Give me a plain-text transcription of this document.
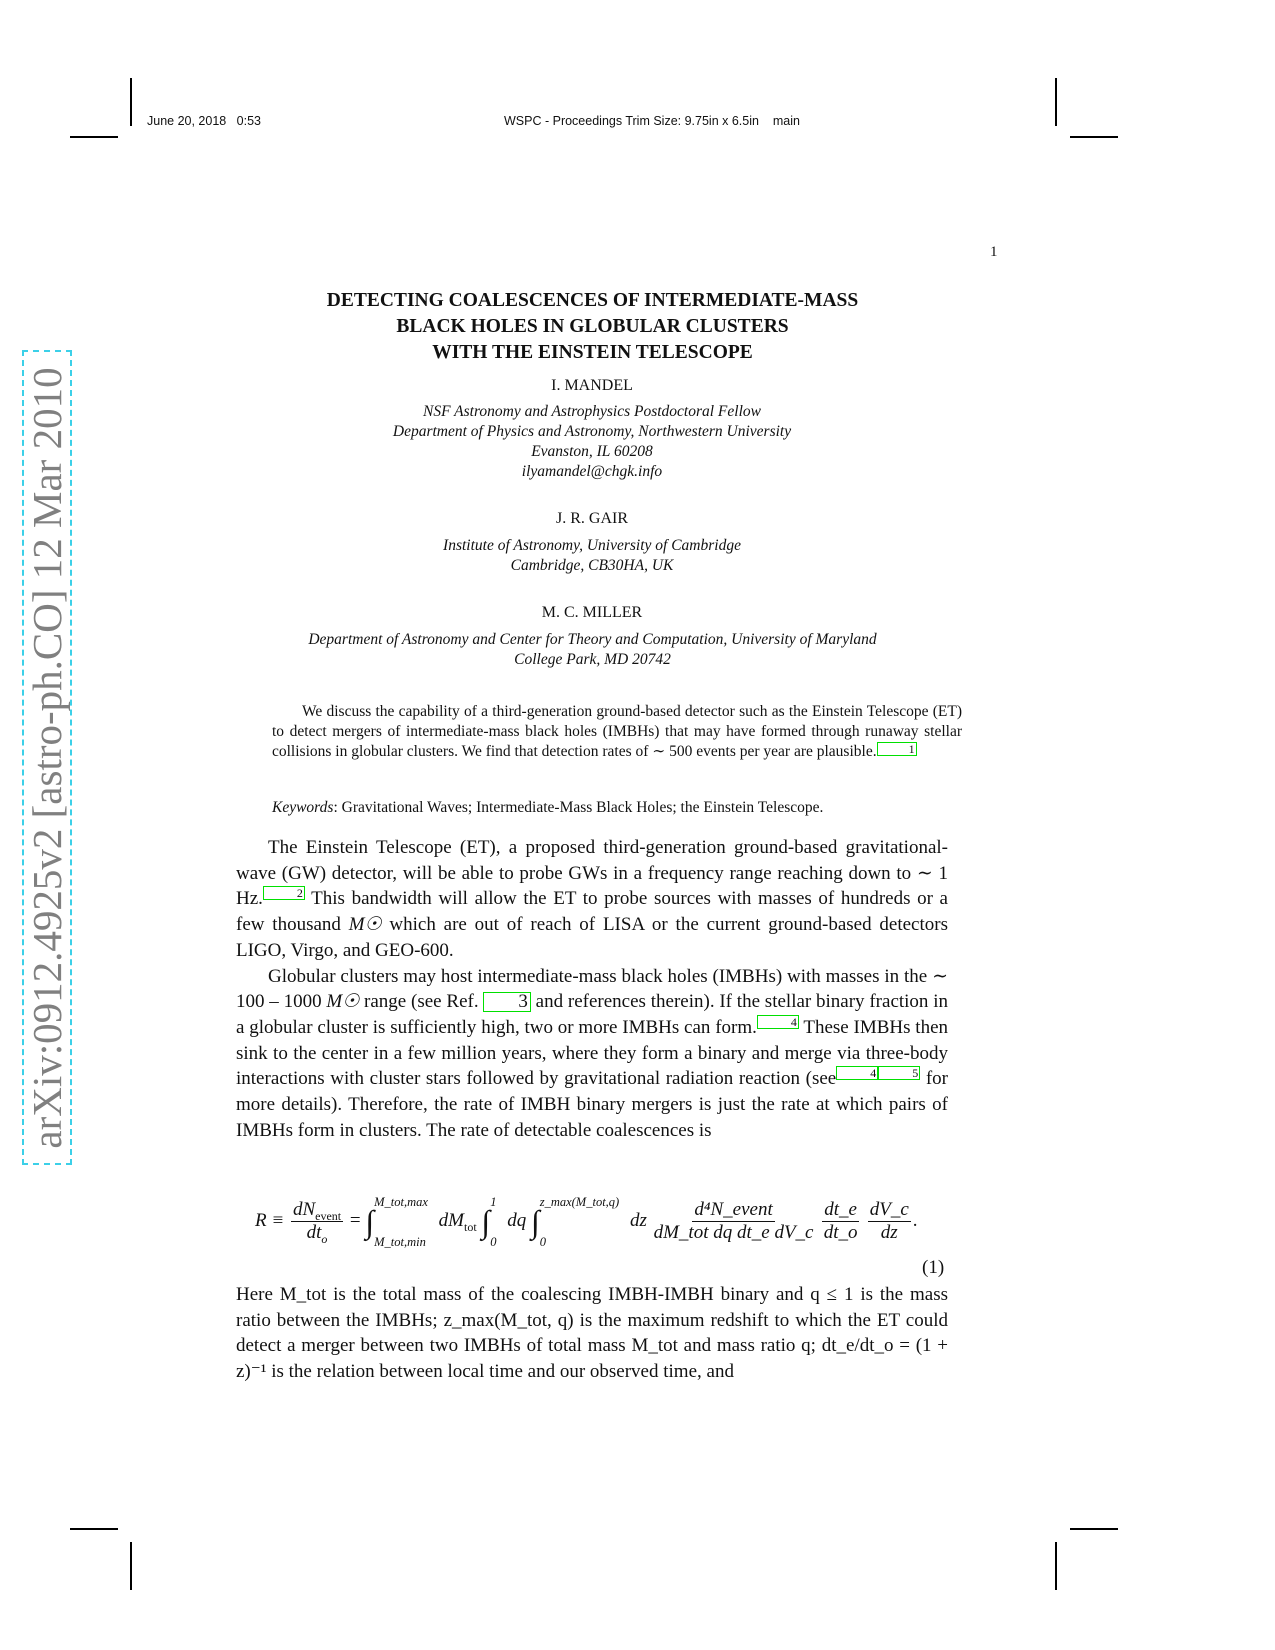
June 20, 2018 0:53	WSPC - Proceedings Trim Size: 9.75in x 6.5in main
1
arXiv:0912.4925v2 [astro-ph.CO] 12 Mar 2010
DETECTING COALESCENCES OF INTERMEDIATE-MASS
BLACK HOLES IN GLOBULAR CLUSTERS
WITH THE EINSTEIN TELESCOPE
I. MANDEL
NSF Astronomy and Astrophysics Postdoctoral Fellow
Department of Physics and Astronomy, Northwestern University
Evanston, IL 60208
ilyamandel@chgk.info
J. R. GAIR
Institute of Astronomy, University of Cambridge
Cambridge, CB30HA, UK
M. C. MILLER
Department of Astronomy and Center for Theory and Computation, University of Maryland
College Park, MD 20742
We discuss the capability of a third-generation ground-based detector such as the Einstein Telescope (ET) to detect mergers of intermediate-mass black holes (IMBHs) that may have formed through runaway stellar collisions in globular clusters. We find that detection rates of ∼ 500 events per year are plausible.	1
Keywords: Gravitational Waves; Intermediate-Mass Black Holes; the Einstein Telescope.

The Einstein Telescope (ET), a proposed third-generation ground-based gravitational-wave (GW) detector, will be able to probe GWs in a frequency range reaching down to ∼ 1 Hz.	2 This bandwidth will allow the ET to probe sources with masses of hundreds or a few thousand M☉ which are out of reach of LISA or the current ground-based detectors LIGO, Virgo, and GEO-600.

Globular clusters may host intermediate-mass black holes (IMBHs) with masses in the ∼ 100 – 1000 M☉ range (see Ref. 3 and references therein). If the stellar binary fraction in a globular cluster is sufficiently high, two or more IMBHs can form.	4 These IMBHs then sink to the center in a few million years, where they form a binary and merge via three-body interactions with cluster stars followed by gravitational radiation reaction (see	4	5 for more details). Therefore, the rate of IMBH binary mergers is just the rate at which pairs of IMBHs form in clusters. The rate of detectable coalescences is

$R \equiv \frac{dN_{event}}{dt_o}$ = ∫
M_tot,max
M_tot,min
$dM_{tot}$ ∫
1
0
dq ∫
z_max(M_tot,q)
0
dz $\frac{\text{d⁴N\_event}}{\text{dM\_tot dq dt\_e dV\_c}}$
$\frac{dt\_e}{dt\_o}$
$\frac{dV\_c}{dz}$ .
(1)
Here M_tot is the total mass of the coalescing IMBH-IMBH binary and q ≤ 1 is the mass ratio between the IMBHs; z_max(M_tot, q) is the maximum redshift to which the ET could detect a merger between two IMBHs of total mass M_tot and mass ratio q; dt_e/dt_o = (1 + z)⁻¹ is the relation between local time and our observed time, and
